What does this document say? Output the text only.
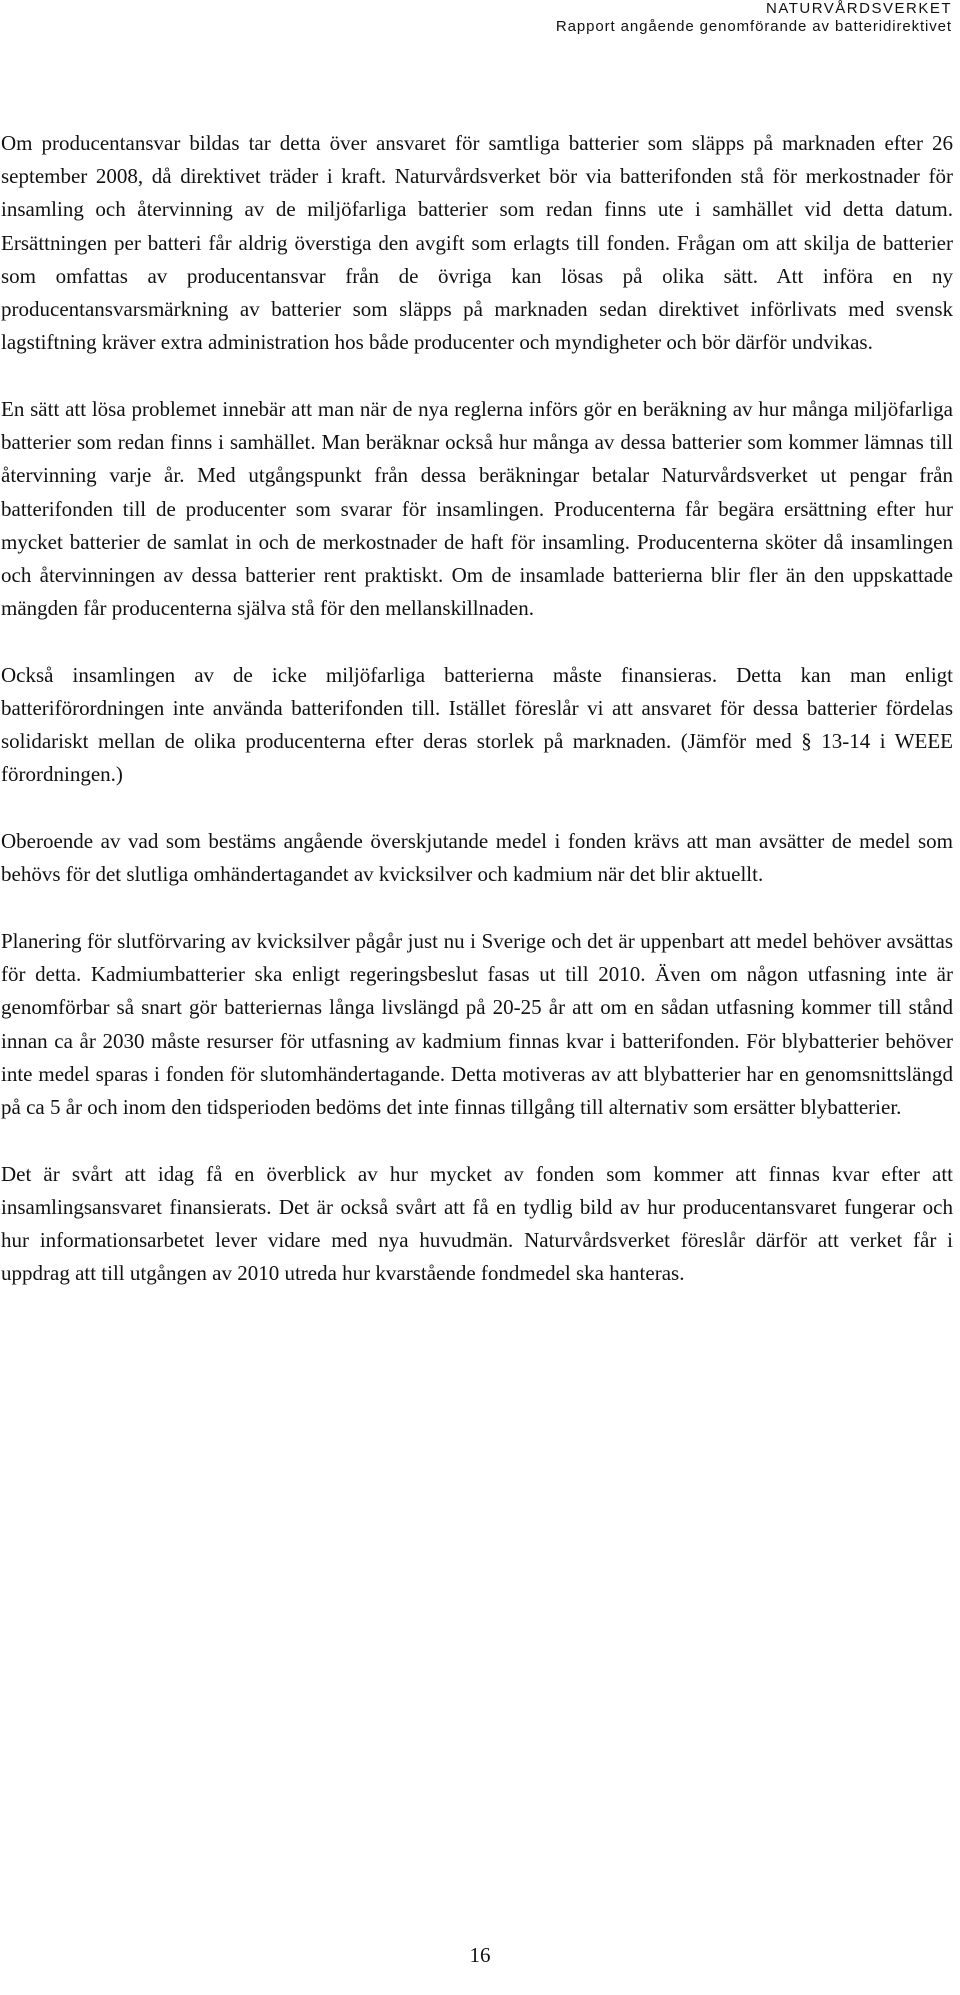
NATURVÅRDSVERKET
Rapport angående genomförande av batteridirektivet

Om producentansvar bildas tar detta över ansvaret för samtliga batterier som släpps på marknaden efter 26 september 2008, då direktivet träder i kraft. Naturvårdsverket bör via batterifonden stå för merkostnader för insamling och återvinning av de miljöfarliga batterier som redan finns ute i samhället vid detta datum. Ersättningen per batteri får aldrig överstiga den avgift som erlagts till fonden. Frågan om att skilja de batterier som omfattas av producentansvar från de övriga kan lösas på olika sätt. Att införa en ny producentansvarsmärkning av batterier som släpps på marknaden sedan direktivet införlivats med svensk lagstiftning kräver extra administration hos både producenter och myndigheter och bör därför undvikas.

En sätt att lösa problemet innebär att man när de nya reglerna införs gör en beräkning av hur många miljöfarliga batterier som redan finns i samhället. Man beräknar också hur många av dessa batterier som kommer lämnas till återvinning varje år. Med utgångspunkt från dessa beräkningar betalar Naturvårdsverket ut pengar från batterifonden till de producenter som svarar för insamlingen. Producenterna får begära ersättning efter hur mycket batterier de samlat in och de merkostnader de haft för insamling. Producenterna sköter då insamlingen och återvinningen av dessa batterier rent praktiskt. Om de insamlade batterierna blir fler än den uppskattade mängden får producenterna själva stå för den mellanskillnaden.

Också insamlingen av de icke miljöfarliga batterierna måste finansieras. Detta kan man enligt batteriförordningen inte använda batterifonden till. Istället föreslår vi att ansvaret för dessa batterier fördelas solidariskt mellan de olika producenterna efter deras storlek på marknaden. (Jämför med § 13-14 i WEEE förordningen.)

Oberoende av vad som bestäms angående överskjutande medel i fonden krävs att man avsätter de medel som behövs för det slutliga omhändertagandet av kvicksilver och kadmium när det blir aktuellt.

Planering för slutförvaring av kvicksilver pågår just nu i Sverige och det är uppenbart att medel behöver avsättas för detta. Kadmiumbatterier ska enligt regeringsbeslut fasas ut till 2010. Även om någon utfasning inte är genomförbar så snart gör batteriernas långa livslängd på 20-25 år att om en sådan utfasning kommer till stånd innan ca år 2030 måste resurser för utfasning av kadmium finnas kvar i batterifonden. För blybatterier behöver inte medel sparas i fonden för slutomhändertagande. Detta motiveras av att blybatterier har en genomsnittslängd på ca 5 år och inom den tidsperioden bedöms det inte finnas tillgång till alternativ som ersätter blybatterier.

Det är svårt att idag få en överblick av hur mycket av fonden som kommer att finnas kvar efter att insamlingsansvaret finansierats. Det är också svårt att få en tydlig bild av hur producentansvaret fungerar och hur informationsarbetet lever vidare med nya huvudmän. Naturvårdsverket föreslår därför att verket får i uppdrag att till utgången av 2010 utreda hur kvarstående fondmedel ska hanteras.

16
